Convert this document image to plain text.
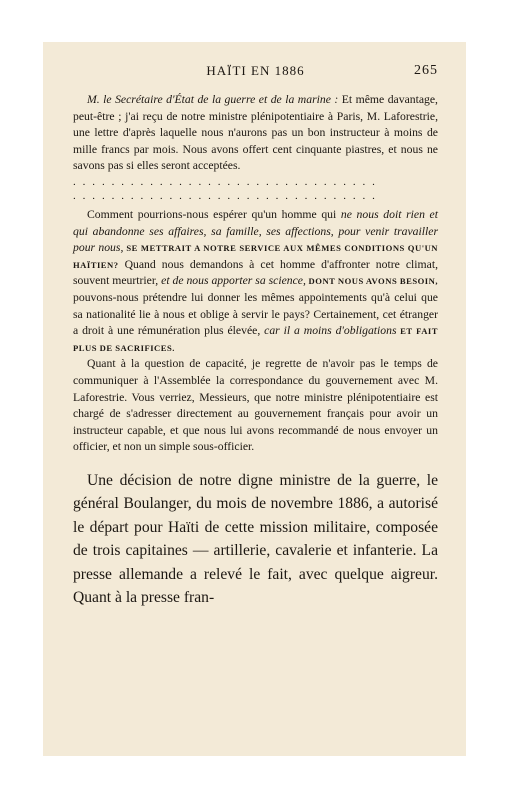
HAÏTI EN 1886	265

M. le Secrétaire d'État de la guerre et de la marine : Et même davantage, peut-être ; j'ai reçu de notre ministre plénipotentiaire à Paris, M. Laforestrie, une lettre d'après laquelle nous n'aurons pas un bon instructeur à moins de mille francs par mois. Nous avons offert cent cinquante piastres, et nous ne savons pas si elles seront acceptées.

................................
................................

Comment pourrions-nous espérer qu'un homme qui ne nous doit rien et qui abandonne ses affaires, sa famille, ses affections, pour venir travailler pour nous, SE METTRAIT A NOTRE SERVICE AUX MÊMES CONDITIONS QU'UN HAÏTIEN? Quand nous demandons à cet homme d'affronter notre climat, souvent meurtrier, et de nous apporter sa science, DONT NOUS AVONS BESOIN, pouvons-nous prétendre lui donner les mêmes appointements qu'à celui que sa nationalité lie à nous et oblige à servir le pays? Certainement, cet étranger a droit à une rémunération plus élevée, car il a moins d'obligations ET FAIT PLUS DE SACRIFICES.

Quant à la question de capacité, je regrette de n'avoir pas le temps de communiquer à l'Assemblée la correspondance du gouvernement avec M. Laforestrie. Vous verriez, Messieurs, que notre ministre plénipotentiaire est chargé de s'adresser directement au gouvernement français pour avoir un instructeur capable, et que nous lui avons recommandé de nous envoyer un officier, et non un simple sous-officier.

Une décision de notre digne ministre de la guerre, le général Boulanger, du mois de novembre 1886, a autorisé le départ pour Haïti de cette mission militaire, composée de trois capitaines — artillerie, cavalerie et infanterie. La presse allemande a relevé le fait, avec quelque aigreur. Quant à la presse fran-
